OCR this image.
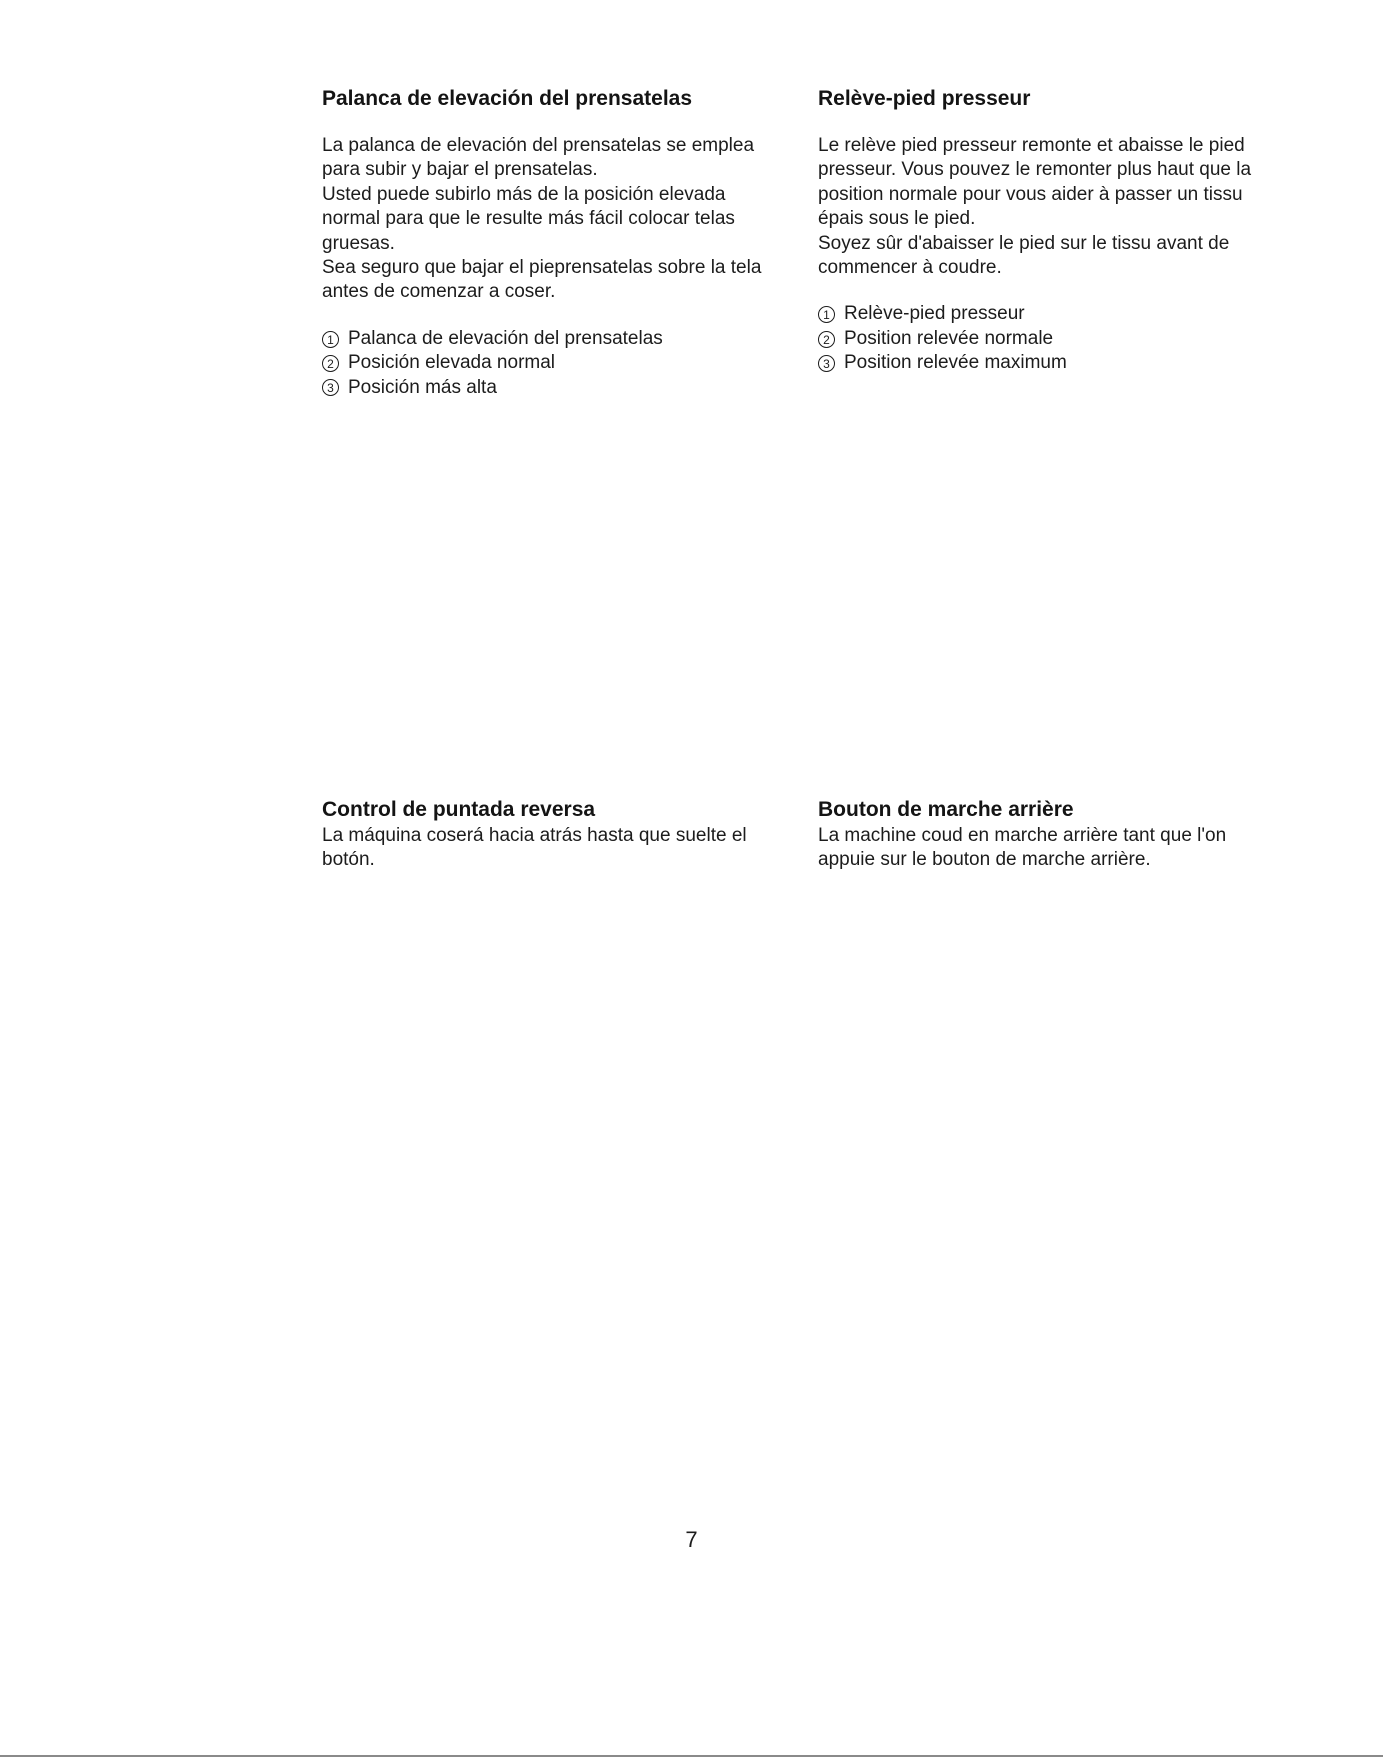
Palanca de elevación del prensatelas

La palanca de elevación del prensatelas se emplea

para subir y bajar el prensatelas.

Usted puede subirlo más de la posición elevada

normal para que le resulte más fácil colocar telas

gruesas.

Sea seguro que bajar el pieprensatelas sobre la tela

antes de comenzar a coser.

1 Palanca de elevación del prensatelas
2 Posición elevada normal
3 Posición más alta
Relève-pied presseur

Le relève pied presseur remonte et abaisse le pied

presseur. Vous pouvez le remonter plus haut que la

position normale pour vous aider à passer un tissu

épais sous le pied.

Soyez sûr d'abaisser le pied sur le tissu avant de

commencer à coudre.

1 Relève-pied presseur
2 Position relevée normale
3 Position relevée maximum
Control de puntada reversa

La máquina coserá hacia atrás hasta que suelte el

botón.

Bouton de marche arrière

La machine coud en marche arrière tant que l'on

appuie sur le bouton de marche arrière.

7
